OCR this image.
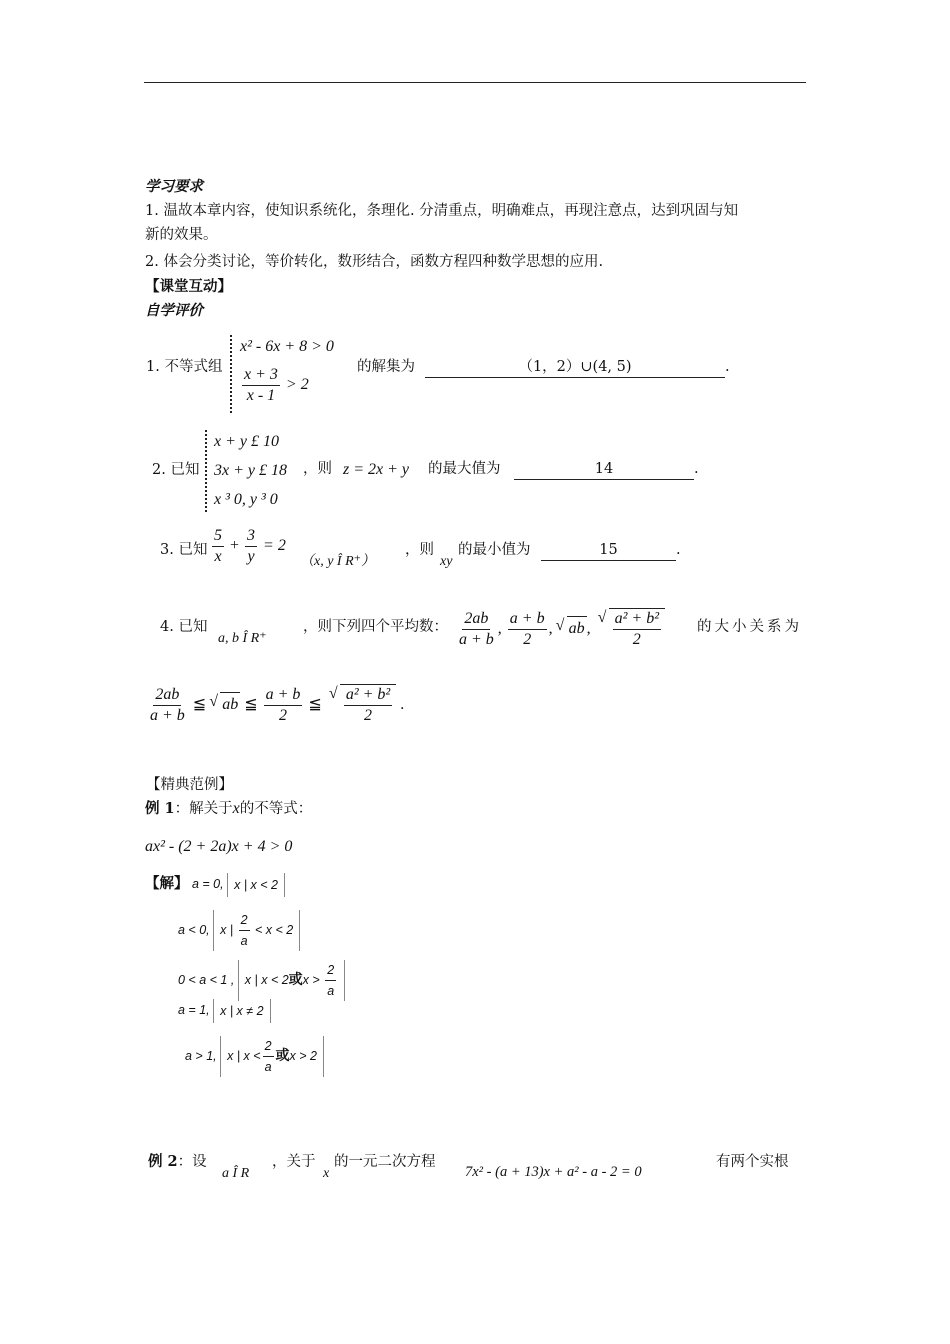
学习要求
1. 温故本章内容，使知识系统化，条理化. 分清重点，明确难点，再现注意点，达到巩固与知
新的效果。
2. 体会分类讨论，等价转化，数形结合，函数方程四种数学思想的应用.
【课堂互动】
自学评价
1. 不等式组
x² - 6x + 8 > 0
$\frac{x + 3}{x - 1} > 2$
的解集为	（1，2）∪(4, 5)	.
2. 已知
x + y £ 10
3x + y £ 18
x ³ 0, y ³ 0
，则 z = 2x + y 的最大值为	14	.
3. 已知 $\frac{5}{x} + \frac{3}{y} = 2$
（x, y Î R⁺）
，则
xy
的最小值为	15	.
4. 已知
a, b Î R⁺
，则下列四个平均数： $\frac{2ab}{a + b}$ , $\frac{a + b}{2}$ , √ ab , √ $\frac{\text{a² + b²}}{2}$ 的大小关系为
$\frac{2ab}{a + b}$ ≦ √ ab ≦ $\frac{a + b}{2}$ ≦ √ $\frac{\text{a² + b²}}{2}$ .
【精典范例】
例 1：解关于x的不等式：
ax² - (2 + 2a)x + 4 > 0
【解】 a = 0, x | x < 2
a < 0, x | $\frac{2}{a} < x < 2$
0 < a < 1 , x | x < 2或$x > \frac{2}{a}$
a = 1, x | x ≠ 2
a > 1, x | $x < \frac{2}{a}$ 或x > 2
例 2：设
a Î R
，关于
x
的一元二次方程
7x² - (a + 13)x + a² - a - 2 = 0
有两个实根
